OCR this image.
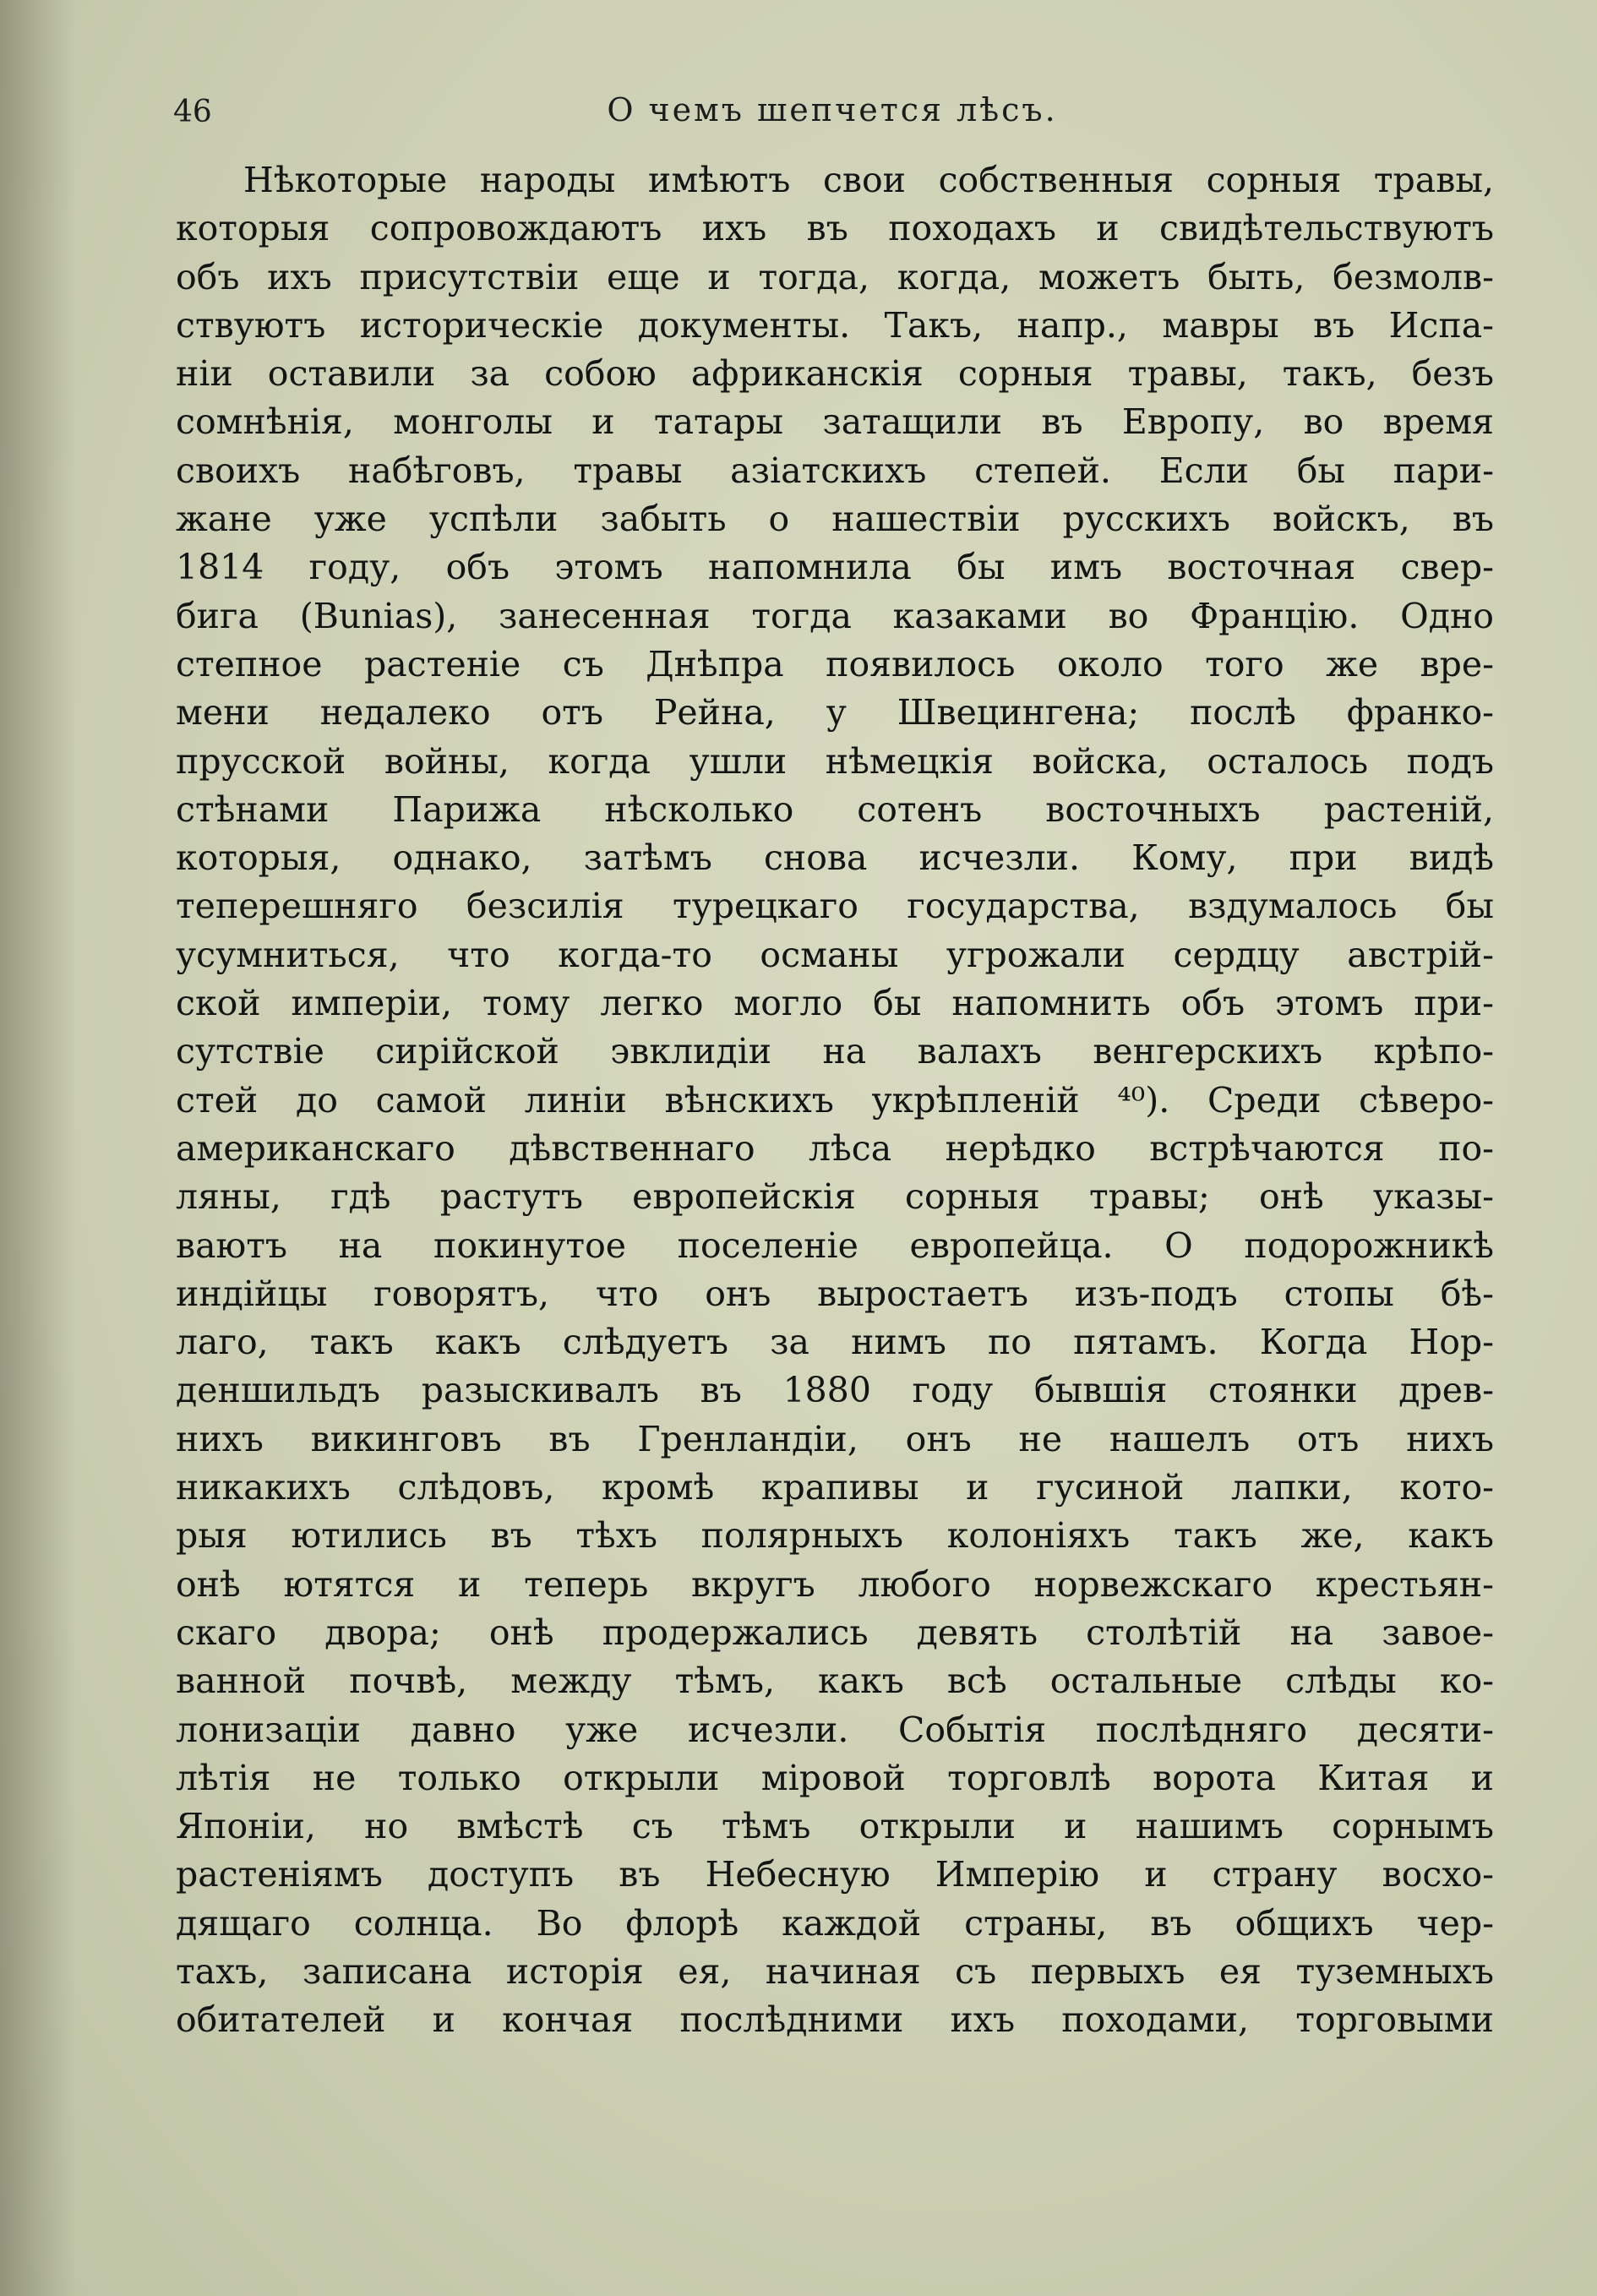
46	О чемъ шепчется лѣсъ.
Нѣкоторые народы имѣютъ свои собственныя сорныя травы,
которыя сопровождаютъ ихъ въ походахъ и свидѣтельствуютъ
объ ихъ присутствіи еще и тогда, когда, можетъ быть, безмолв-
ствуютъ историческіе документы. Такъ, напр., мавры въ Испа-
ніи оставили за собою африканскія сорныя травы, такъ, безъ
сомнѣнія, монголы и татары затащили въ Европу, во время
своихъ набѣговъ, травы азіатскихъ степей. Если бы пари-
жане уже успѣли забыть о нашествіи русскихъ войскъ, въ
1814 году, объ этомъ напомнила бы имъ восточная свер-
бига (Bunias), занесенная тогда казаками во Францію. Одно
степное растеніе съ Днѣпра появилось около того же вре-
мени недалеко отъ Рейна, у Швецингена; послѣ франко-
прусской войны, когда ушли нѣмецкія войска, осталось подъ
стѣнами Парижа нѣсколько сотенъ восточныхъ растеній,
которыя, однако, затѣмъ снова исчезли. Кому, при видѣ
теперешняго безсилія турецкаго государства, вздумалось бы
усумниться, что когда-то османы угрожали сердцу австрій-
ской имперіи, тому легко могло бы напомнить объ этомъ при-
сутствіе сирійской эвклидіи на валахъ венгерскихъ крѣпо-
стей до самой линіи вѣнскихъ укрѣпленій ⁴⁰). Среди сѣверо-
американскаго дѣвственнаго лѣса нерѣдко встрѣчаются по-
ляны, гдѣ растутъ европейскія сорныя травы; онѣ указы-
ваютъ на покинутое поселеніе европейца. О подорожникѣ
индійцы говорятъ, что онъ выростаетъ изъ-подъ стопы бѣ-
лаго, такъ какъ слѣдуетъ за нимъ по пятамъ. Когда Нор-
деншильдъ разыскивалъ въ 1880 году бывшія стоянки древ-
нихъ викинговъ въ Гренландіи, онъ не нашелъ отъ нихъ
никакихъ слѣдовъ, кромѣ крапивы и гусиной лапки, кото-
рыя ютились въ тѣхъ полярныхъ колоніяхъ такъ же, какъ
онѣ ютятся и теперь вкругъ любого норвежскаго крестьян-
скаго двора; онѣ продержались девять столѣтій на завое-
ванной почвѣ, между тѣмъ, какъ всѣ остальные слѣды ко-
лонизаціи давно уже исчезли. Событія послѣдняго десяти-
лѣтія не только открыли міровой торговлѣ ворота Китая и
Японіи, но вмѣстѣ съ тѣмъ открыли и нашимъ сорнымъ
растеніямъ доступъ въ Небесную Имперію и страну восхо-
дящаго солнца. Во флорѣ каждой страны, въ общихъ чер-
тахъ, записана исторія ея, начиная съ первыхъ ея туземныхъ
обитателей и кончая послѣдними ихъ походами, торговыми
